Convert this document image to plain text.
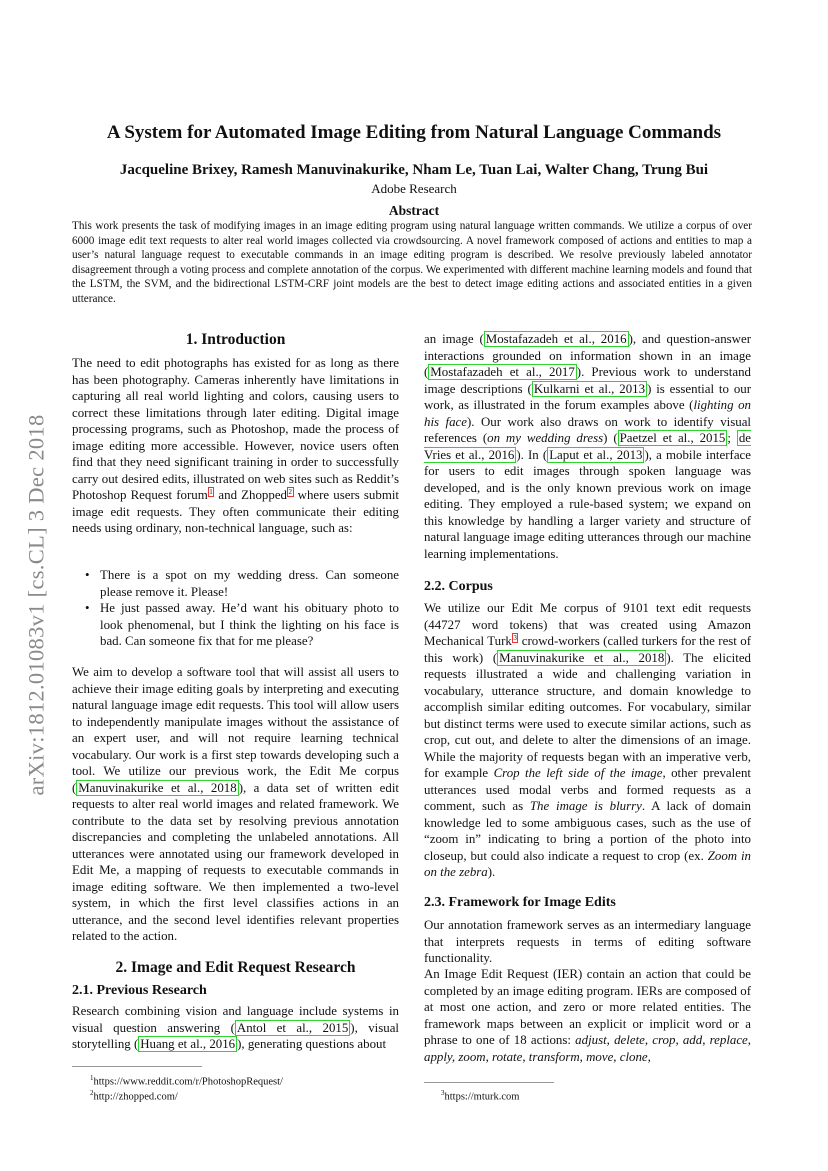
arXiv:1812.01083v1 [cs.CL] 3 Dec 2018
A System for Automated Image Editing from Natural Language Commands
Jacqueline Brixey, Ramesh Manuvinakurike, Nham Le, Tuan Lai, Walter Chang, Trung Bui
Adobe Research
Abstract
This work presents the task of modifying images in an image editing program using natural language written commands. We utilize a corpus of over 6000 image edit text requests to alter real world images collected via crowdsourcing. A novel framework composed of actions and entities to map a user’s natural language request to executable commands in an image editing program is described. We resolve previously labeled annotator disagreement through a voting process and complete annotation of the corpus. We experimented with different machine learning models and found that the LSTM, the SVM, and the bidirectional LSTM-CRF joint models are the best to detect image editing actions and associated entities in a given utterance.
1. Introduction
The need to edit photographs has existed for as long as there has been photography. Cameras inherently have limitations in capturing all real world lighting and colors, causing users to correct these limitations through later editing. Digital image processing programs, such as Photoshop, made the process of image editing more accessible. However, novice users often find that they need significant training in order to successfully carry out desired edits, illustrated on web sites such as Reddit’s Photoshop Request forum $^1$ and Zhopped $^2$ where users submit image edit requests. They often communicate their editing needs using ordinary, non-technical language, such as:
• There is a spot on my wedding dress. Can someone please remove it. Please!
• He just passed away. He’d want his obituary photo to look phenomenal, but I think the lighting on his face is bad. Can someone fix that for me please?
We aim to develop a software tool that will assist all users to achieve their image editing goals by interpreting and executing natural language image edit requests. This tool will allow users to independently manipulate images without the assistance of an expert user, and will not require learning technical vocabulary. Our work is a first step towards developing such a tool. We utilize our previous work, the Edit Me corpus ( Manuvinakurike et al., 2018 ), a data set of written edit requests to alter real world images and related framework. We contribute to the data set by resolving previous annotation discrepancies and completing the unlabeled annotations. All utterances were annotated using our framework developed in Edit Me, a mapping of requests to executable commands in image editing software. We then implemented a two-level system, in which the first level classifies actions in an utterance, and the second level identifies relevant properties related to the action.
2. Image and Edit Request Research
2.1. Previous Research
Research combining vision and language include systems in visual question answering ( Antol et al., 2015 ), visual storytelling ( Huang et al., 2016 ), generating questions about
$^1$https://www.reddit.com/r/PhotoshopRequest/
$^2$http://zhopped.com/
an image ( Mostafazadeh et al., 2016 ), and question-answer interactions grounded on information shown in an image ( Mostafazadeh et al., 2017 ). Previous work to understand image descriptions ( Kulkarni et al., 2013 ) is essential to our work, as illustrated in the forum examples above (lighting on his face). Our work also draws on work to identify visual references (on my wedding dress) ( Paetzel et al., 2015 ; de Vries et al., 2016 ). In ( Laput et al., 2013 ), a mobile interface for users to edit images through spoken language was developed, and is the only known previous work on image editing. They employed a rule-based system; we expand on this knowledge by handling a larger variety and structure of natural language image editing utterances through our machine learning implementations.
2.2. Corpus
We utilize our Edit Me corpus of 9101 text edit requests (44727 word tokens) that was created using Amazon Mechanical Turk $^3$ crowd-workers (called turkers for the rest of this work) ( Manuvinakurike et al., 2018 ). The elicited requests illustrated a wide and challenging variation in vocabulary, utterance structure, and domain knowledge to accomplish similar editing outcomes. For vocabulary, similar but distinct terms were used to execute similar actions, such as crop, cut out, and delete to alter the dimensions of an image. While the majority of requests began with an imperative verb, for example Crop the left side of the image, other prevalent utterances used modal verbs and formed requests as a comment, such as The image is blurry. A lack of domain knowledge led to some ambiguous cases, such as the use of “zoom in” indicating to bring a portion of the photo into closeup, but could also indicate a request to crop (ex. Zoom in on the zebra).
2.3. Framework for Image Edits
Our annotation framework serves as an intermediary language that interprets requests in terms of editing software functionality.
An Image Edit Request (IER) contain an action that could be completed by an image editing program. IERs are composed of at most one action, and zero or more related entities. The framework maps between an explicit or implicit word or a phrase to one of 18 actions: adjust, delete, crop, add, replace, apply, zoom, rotate, transform, move, clone,
$^3$https://mturk.com
